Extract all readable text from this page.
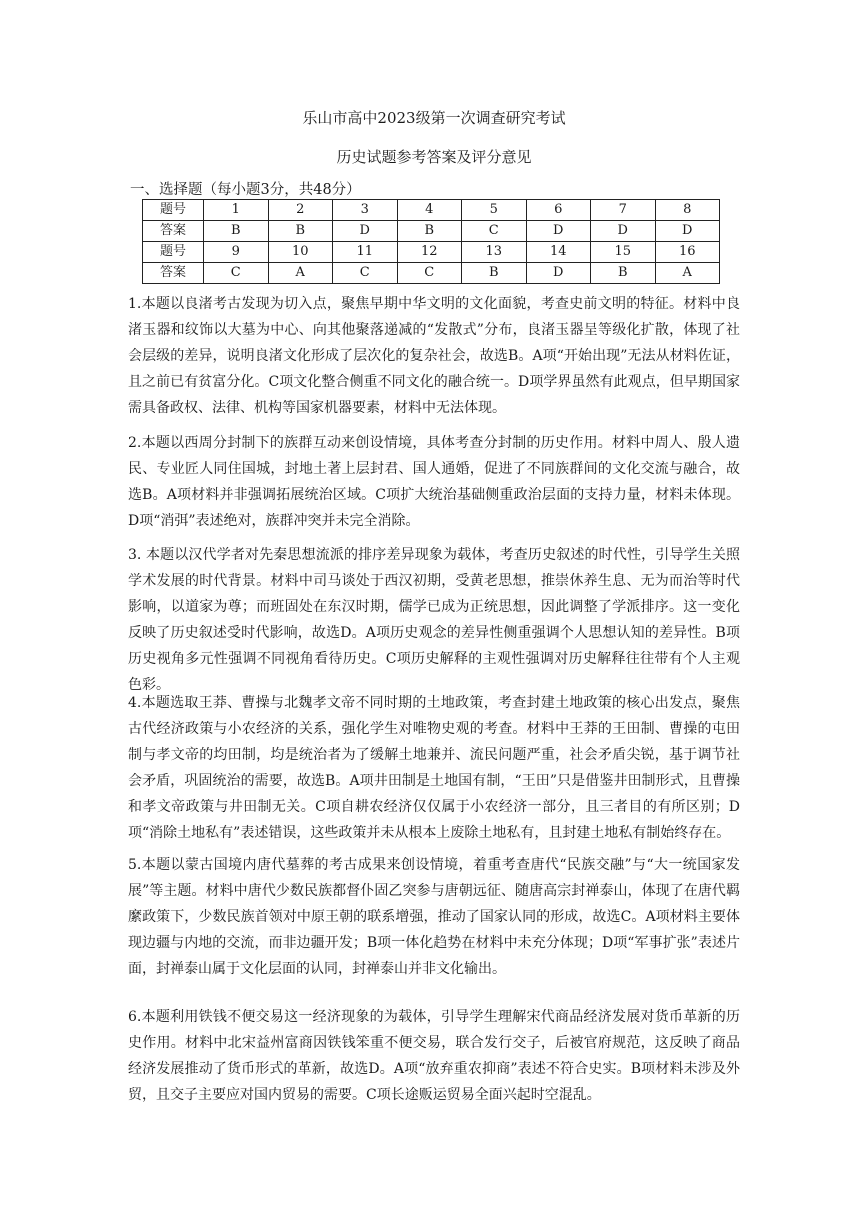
乐山市高中2023级第一次调查研究考试
历史试题参考答案及评分意见
一、选择题（每小题3分，共48分）
题号	1	2	3	4	5	6	7	8
答案	B	B	D	B	C	D	D	D
题号	9	10	11	12	13	14	15	16
答案	C	A	C	C	B	D	B	A

1.本题以良渚考古发现为切入点，聚焦早期中华文明的文化面貌，考查史前文明的特征。材料中良渚玉器和纹饰以大墓为中心、向其他聚落递减的“发散式”分布，良渚玉器呈等级化扩散，体现了社会层级的差异，说明良渚文化形成了层次化的复杂社会，故选B。A项“开始出现”无法从材料佐证，且之前已有贫富分化。C项文化整合侧重不同文化的融合统一。D项学界虽然有此观点，但早期国家需具备政权、法律、机构等国家机器要素，材料中无法体现。

2.本题以西周分封制下的族群互动来创设情境，具体考查分封制的历史作用。材料中周人、殷人遗民、专业匠人同住国城，封地土著上层封君、国人通婚，促进了不同族群间的文化交流与融合，故选B。A项材料并非强调拓展统治区域。C项扩大统治基础侧重政治层面的支持力量，材料未体现。D项“消弭”表述绝对，族群冲突并未完全消除。

3. 本题以汉代学者对先秦思想流派的排序差异现象为载体，考查历史叙述的时代性，引导学生关照学术发展的时代背景。材料中司马谈处于西汉初期，受黄老思想，推崇休养生息、无为而治等时代影响，以道家为尊；而班固处在东汉时期，儒学已成为正统思想，因此调整了学派排序。这一变化反映了历史叙述受时代影响，故选D。A项历史观念的差异性侧重强调个人思想认知的差异性。B项历史视角多元性强调不同视角看待历史。C项历史解释的主观性强调对历史解释往往带有个人主观色彩。

4.本题选取王莽、曹操与北魏孝文帝不同时期的土地政策，考查封建土地政策的核心出发点，聚焦古代经济政策与小农经济的关系，强化学生对唯物史观的考查。材料中王莽的王田制、曹操的屯田制与孝文帝的均田制，均是统治者为了缓解土地兼并、流民问题严重，社会矛盾尖锐，基于调节社会矛盾，巩固统治的需要，故选B。A项井田制是土地国有制，“王田”只是借鉴井田制形式，且曹操和孝文帝政策与井田制无关。C项自耕农经济仅仅属于小农经济一部分，且三者目的有所区别；D项“消除土地私有”表述错误，这些政策并未从根本上废除土地私有，且封建土地私有制始终存在。

5.本题以蒙古国境内唐代墓葬的考古成果来创设情境，着重考查唐代“民族交融”与“大一统国家发展”等主题。材料中唐代少数民族都督仆固乙突参与唐朝远征、随唐高宗封禅泰山，体现了在唐代羁縻政策下，少数民族首领对中原王朝的联系增强，推动了国家认同的形成，故选C。A项材料主要体现边疆与内地的交流，而非边疆开发；B项一体化趋势在材料中未充分体现；D项“军事扩张”表述片面，封禅泰山属于文化层面的认同，封禅泰山并非文化输出。

6.本题利用铁钱不便交易这一经济现象的为载体，引导学生理解宋代商品经济发展对货币革新的历史作用。材料中北宋益州富商因铁钱笨重不便交易，联合发行交子，后被官府规范，这反映了商品经济发展推动了货币形式的革新，故选D。A项“放弃重农抑商”表述不符合史实。B项材料未涉及外贸，且交子主要应对国内贸易的需要。C项长途贩运贸易全面兴起时空混乱。
